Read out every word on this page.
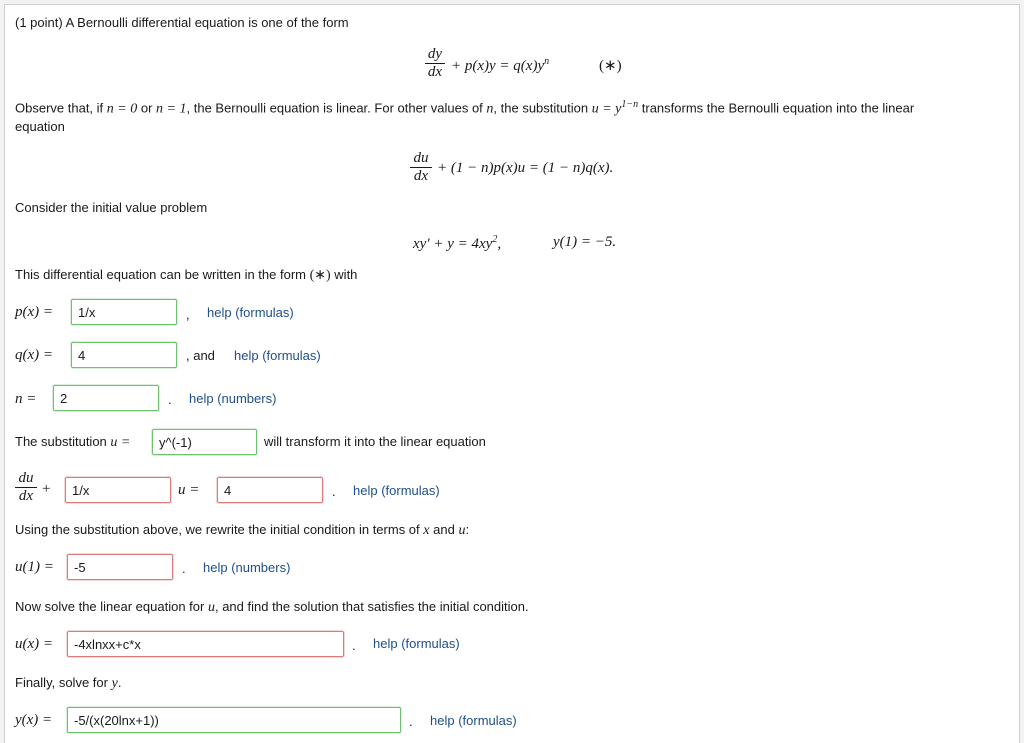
(1 point) A Bernoulli differential equation is one of the form
dy
dx + $p(x)y = q(x)y^n$	(∗)
Observe that, if n = 0 or n = 1, the Bernoulli equation is linear. For other values of n, the substitution $u = y^{1-n}$ transforms the Bernoulli equation into the linear
equation
du
dx + (1 − n)p(x)u = (1 − n)q(x).
Consider the initial value problem
$xy' + y = 4xy^2$,	y(1) = −5.
This differential equation can be written in the form (∗) with
p(x) =
1/x	, help (formulas)
q(x) =
4	, and help (formulas)
n =
2	. help (numbers)
The substitution u =
y^(-1)	will transform it into the linear equation
du
dx +
1/x	u =
4	. help (formulas)
Using the substitution above, we rewrite the initial condition in terms of x and u:
u(1) =
-5	. help (numbers)
Now solve the linear equation for u, and find the solution that satisfies the initial condition.
u(x) =
-4xlnxx+c*x	. help (formulas)
Finally, solve for y.
y(x) =
-5/(x(20lnx+1))	. help (formulas)
